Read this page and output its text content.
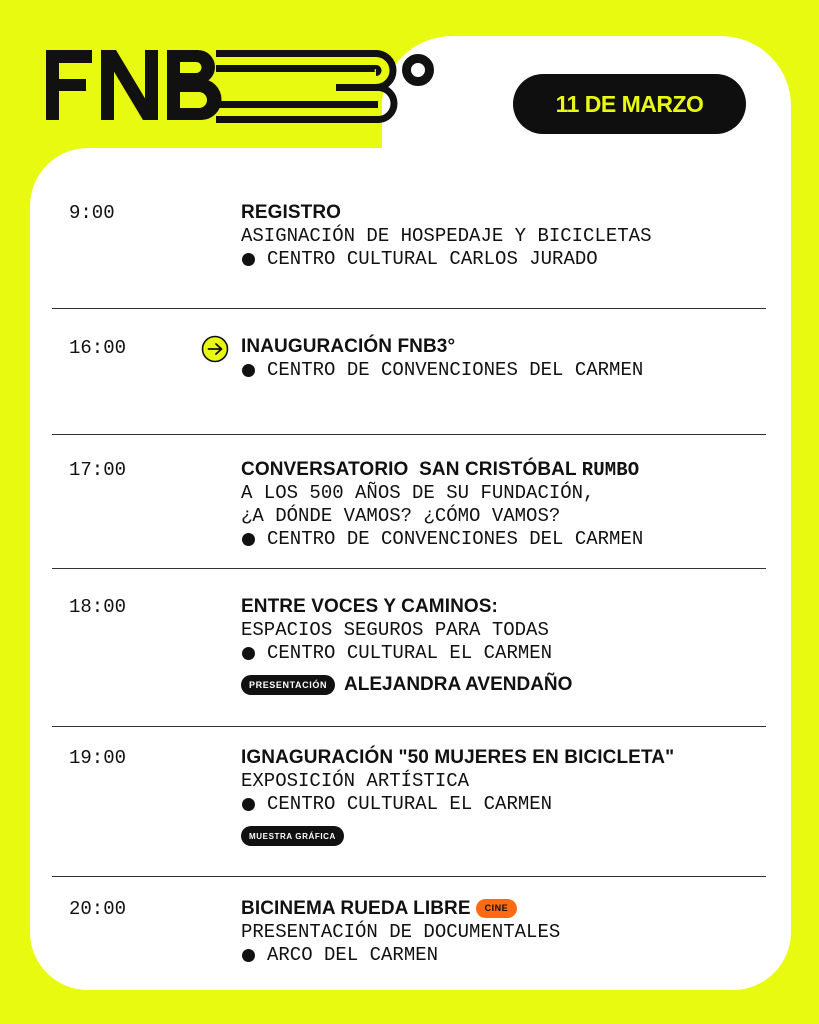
11 DE MARZO
9:00	REGISTRO
ASIGNACIÓN DE HOSPEDAJE Y BICICLETAS
CENTRO CULTURAL CARLOS JURADO
16:00	INAUGURACIÓN FNB3°
CENTRO DE CONVENCIONES DEL CARMEN
17:00	CONVERSATORIO  SAN CRISTÓBAL RUMBO
A LOS 500 AÑOS DE SU FUNDACIÓN,
¿A DÓNDE VAMOS? ¿CÓMO VAMOS?
CENTRO DE CONVENCIONES DEL CARMEN
18:00	ENTRE VOCES Y CAMINOS:
ESPACIOS SEGUROS PARA TODAS
CENTRO CULTURAL EL CARMEN
PRESENTACIÓN ALEJANDRA AVENDAÑO
19:00	IGNAGURACIÓN "50 MUJERES EN BICICLETA"
EXPOSICIÓN ARTÍSTICA
CENTRO CULTURAL EL CARMEN
MUESTRA GRÁFICA
20:00	BICINEMA RUEDA LIBRE CINE
PRESENTACIÓN DE DOCUMENTALES
ARCO DEL CARMEN
